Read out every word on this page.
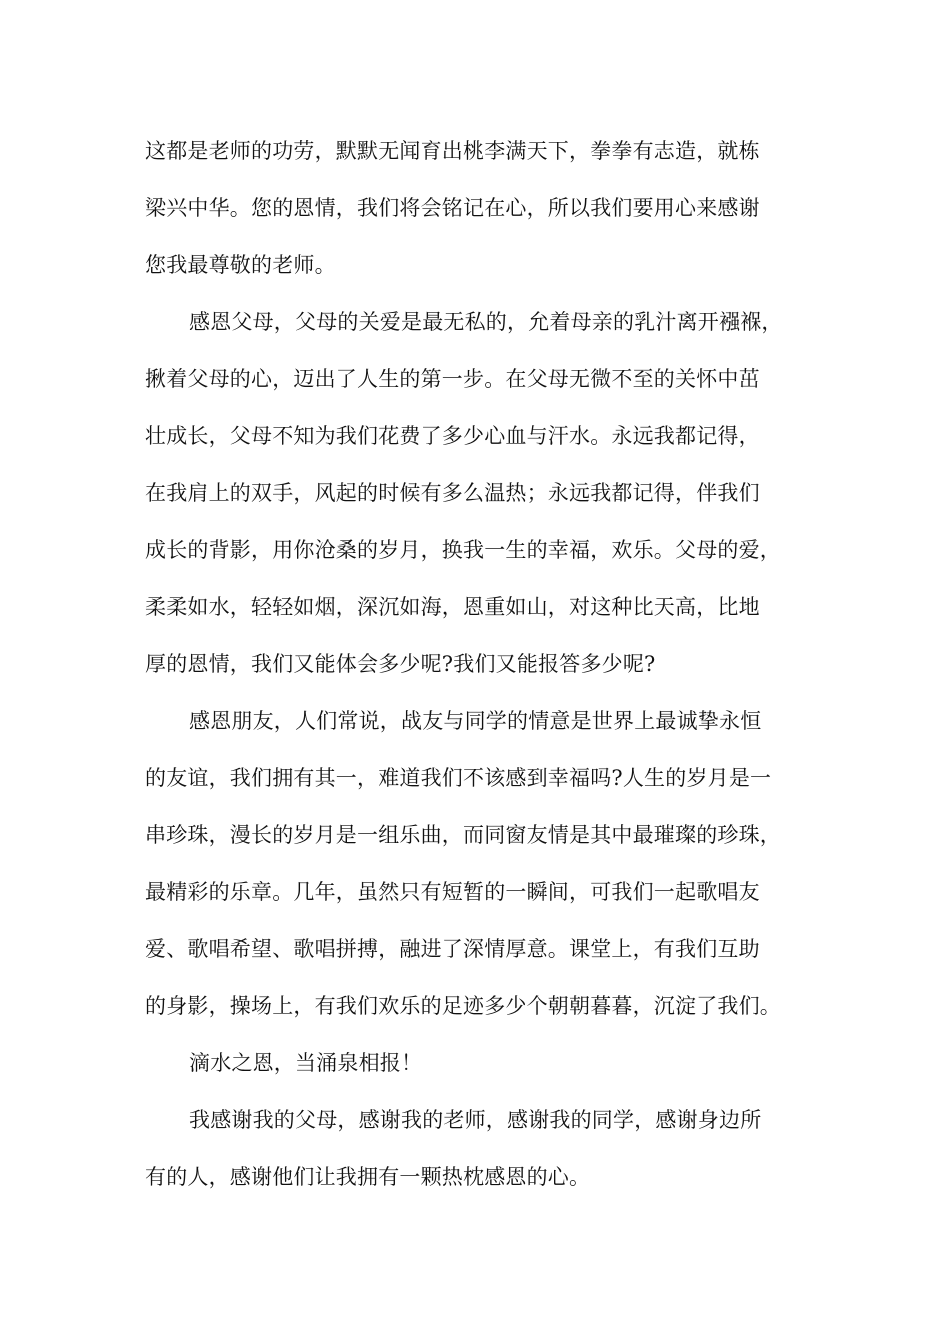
这都是老师的功劳，默默无闻育出桃李满天下，拳拳有志造，就栋
梁兴中华。您的恩情，我们将会铭记在心，所以我们要用心来感谢
您我最尊敬的老师。
感恩父母，父母的关爱是最无私的，允着母亲的乳汁离开襁褓，
揪着父母的心，迈出了人生的第一步。在父母无微不至的关怀中茁
壮成长，父母不知为我们花费了多少心血与汗水。永远我都记得，
在我肩上的双手，风起的时候有多么温热；永远我都记得，伴我们
成长的背影，用你沧桑的岁月，换我一生的幸福，欢乐。父母的爱，
柔柔如水，轻轻如烟，深沉如海，恩重如山，对这种比天高，比地
厚的恩情，我们又能体会多少呢?我们又能报答多少呢?
感恩朋友，人们常说，战友与同学的情意是世界上最诚挚永恒
的友谊，我们拥有其一，难道我们不该感到幸福吗?人生的岁月是一
串珍珠，漫长的岁月是一组乐曲，而同窗友情是其中最璀璨的珍珠，
最精彩的乐章。几年，虽然只有短暂的一瞬间，可我们一起歌唱友
爱、歌唱希望、歌唱拼搏，融进了深情厚意。课堂上，有我们互助
的身影，操场上，有我们欢乐的足迹多少个朝朝暮暮，沉淀了我们。
滴水之恩，当涌泉相报！
我感谢我的父母，感谢我的老师，感谢我的同学，感谢身边所
有的人，感谢他们让我拥有一颗热枕感恩的心。
